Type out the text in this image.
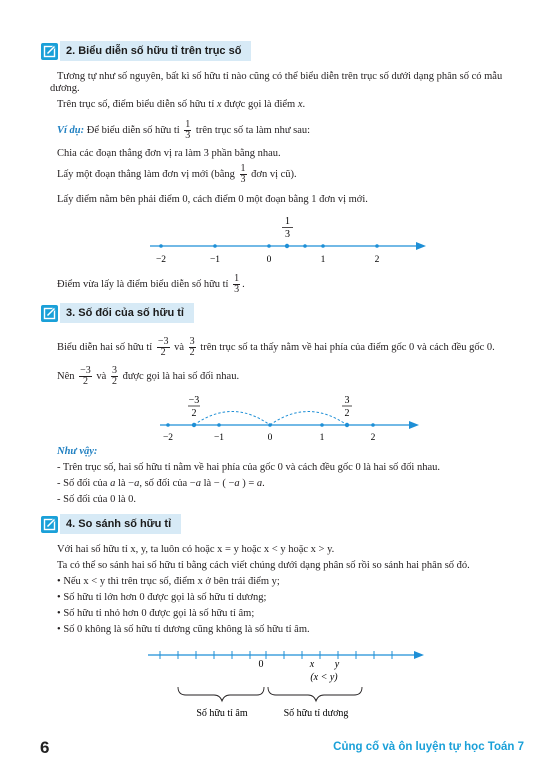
2. Biểu diễn số hữu tỉ trên trục số
Tương tự như số nguyên, bất kì số hữu tỉ nào cũng có thể biểu diễn trên trục số dưới dạng phân số có mẫu dương.
Trên trục số, điểm biểu diễn số hữu tỉ x được gọi là điểm x.
Ví dụ: Để biểu diễn số hữu tỉ $\frac{1}{3}$ trên trục số ta làm như sau:
Chia các đoạn thẳng đơn vị ra làm 3 phần bằng nhau.
Lấy một đoạn thẳng làm đơn vị mới (bằng $\frac{1}{3}$ đơn vị cũ).
Lấy điểm nằm bên phải điểm 0, cách điểm 0 một đoạn bằng 1 đơn vị mới.
1
3
−2	−1	0	1	2
Điểm vừa lấy là điểm biểu diễn số hữu tỉ $\frac{1}{3}$ .
3. Số đối của số hữu tỉ
Biểu diễn hai số hữu tỉ $\frac{-3}{2}$ và $\frac{3}{2}$ trên trục số ta thấy nằm về hai phía của điểm gốc 0 và cách đều gốc 0.
Nên $\frac{-3}{2}$ và $\frac{3}{2}$ được gọi là hai số đối nhau.
−3
2
3
2
−2	−1	0	1	2
Như vậy:
- Trên trục số, hai số hữu tỉ nằm về hai phía của gốc 0 và cách đều gốc 0 là hai số đối nhau.
- Số đối của a là −a, số đối của −a là − ( −a ) = a.
- Số đối của 0 là 0.
4. So sánh số hữu tỉ
Với hai số hữu tỉ x, y, ta luôn có hoặc x = y hoặc x < y hoặc x > y.
Ta có thể so sánh hai số hữu tỉ bằng cách viết chúng dưới dạng phân số rồi so sánh hai phân số đó.
• Nếu x < y thì trên trục số, điểm x ở bên trái điểm y;
• Số hữu tỉ lớn hơn 0 được gọi là số hữu tỉ dương;
• Số hữu tỉ nhỏ hơn 0 được gọi là số hữu tỉ âm;
• Số 0 không là số hữu tỉ dương cũng không là số hữu tỉ âm.
0	x y
(x < y)
Số hữu tỉ âm	Số hữu tỉ dương
6	Củng cố và ôn luyện tự học Toán 7
